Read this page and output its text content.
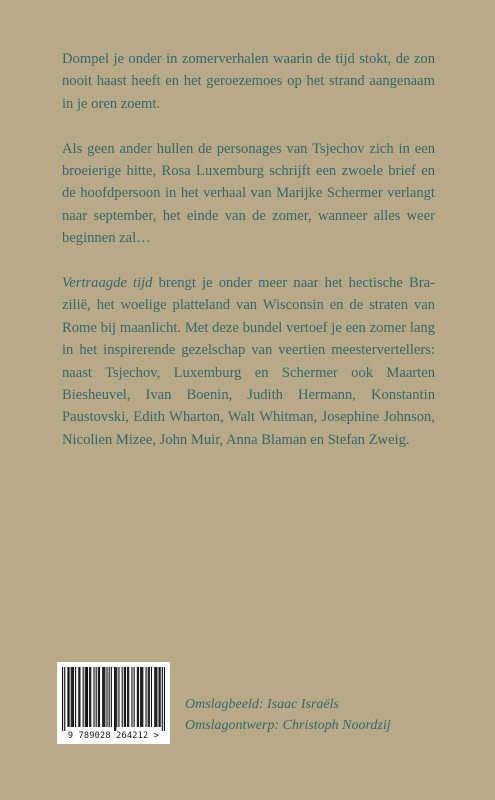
Dompel je onder in zomerverhalen waarin de tijd stokt, de zon nooit haast heeft en het geroezemoes op het strand aangenaam in je oren zoemt.

Als geen ander hullen de personages van Tsjechov zich in een broeierige hitte, Rosa Luxemburg schrijft een zwoele brief en de hoofdpersoon in het verhaal van Marijke Schermer verlangt naar september, het einde van de zomer, wanneer alles weer beginnen zal…

Vertraagde tijd brengt je onder meer naar het hectische Brazilië, het woelige platteland van Wisconsin en de straten van Rome bij maanlicht. Met deze bundel vertoef je een zomer lang in het inspirerende gezelschap van veertien meestervertellers: naast Tsjechov, Luxemburg en Schermer ook Maarten Biesheuvel, Ivan Boenin, Judith Hermann, Konstantin Paustovski, Edith Wharton, Walt Whitman, Josephine Johnson, Nicolien Mizee, John Muir, Anna Blaman en Stefan Zweig.

9 789028 264212 >
Omslagbeeld: Isaac Israëls
Omslagontwerp: Christoph Noordzij
